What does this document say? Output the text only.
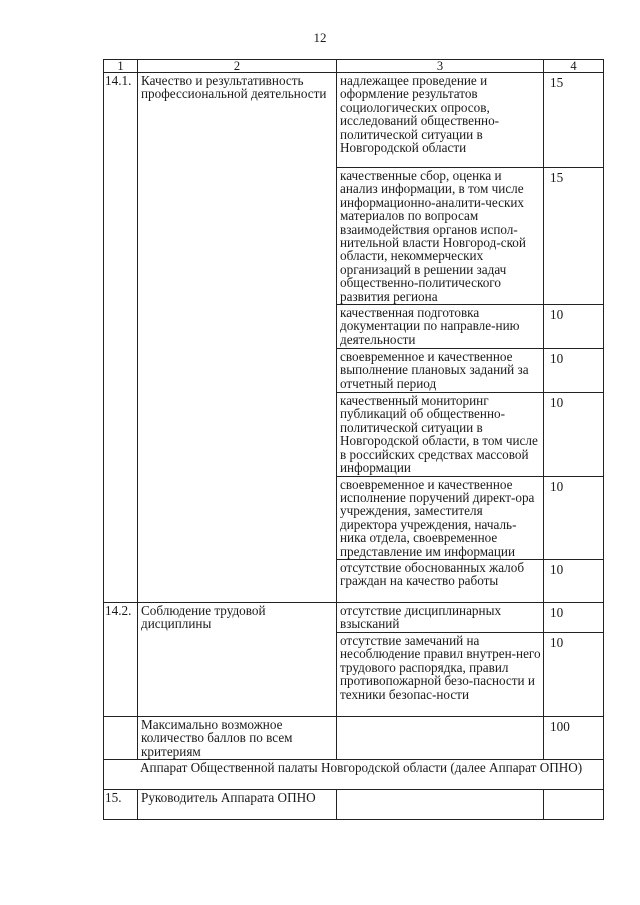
12
1	2	3	4
14.1.	Качество и результативность профессиональной деятельности	надлежащее проведение и оформление результатов социологических опросов, исследований общественно-политической ситуации в Новгородской области	15
		качественные сбор, оценка и анализ информации, в том числе информационно-аналити-ческих материалов по вопросам взаимодействия органов испол-нительной власти Новгород-ской области, некоммерческих организаций в решении задач общественно-политического развития региона	15
		качественная подготовка документации по направле-нию деятельности	10
		своевременное и качественное выполнение плановых заданий за отчетный период	10
		качественный мониторинг публикаций об общественно-политической ситуации в Новгородской области, в том числе в российских средствах массовой информации	10
		своевременное и качественное исполнение поручений директ-ора учреждения, заместителя директора учреждения, началь-ника отдела, своевременное представление им информации	10
		отсутствие обоснованных жалоб граждан на качество работы	10
14.2.	Соблюдение трудовой дисциплины	отсутствие дисциплинарных взысканий	10
		отсутствие замечаний на несоблюдение правил внутрен-него трудового распорядка, правил противопожарной безо-пасности и техники безопас-ности	10
	Максимально возможное количество баллов по всем критериям		100
Аппарат Общественной палаты Новгородской области (далее Аппарат ОПНО)			
15.	Руководитель Аппарата ОПНО		
